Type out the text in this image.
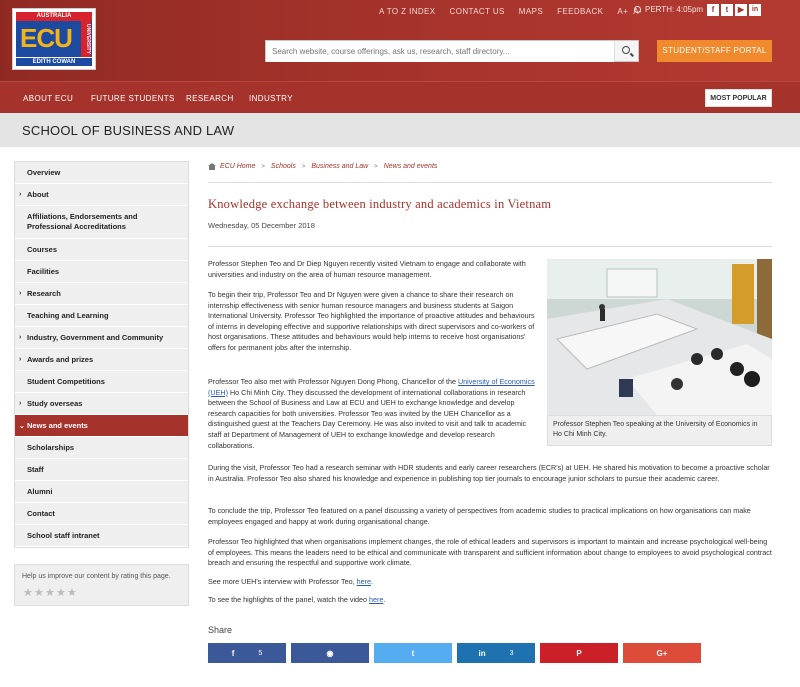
AUSTRALIA
ECU	UNIVERSITY
EDITH COWAN
A TO Z INDEX CONTACT US MAPS FEEDBACK A+ A- PERTH: 4:05pm	f	t	▶	in
Search website, course offerings, ask us, research, staff directory...
STUDENT/STAFF PORTAL
ABOUT ECU FUTURE STUDENTS RESEARCH INDUSTRY	MOST POPULAR
SCHOOL OF BUSINESS AND LAW
Overview
› About
Affiliations, Endorsements and Professional Accreditations
Courses
Facilities
› Research
Teaching and Learning
› Industry, Government and Community
› Awards and prizes
Student Competitions
› Study overseas
⌄ News and events
Scholarships
Staff
Alumni
Contact
School staff intranet
Help us improve our content by rating this page.
★ ★ ★ ★ ★
ECU Home > Schools > Business and Law > News and events
Knowledge exchange between industry and academics in Vietnam
Wednesday, 05 December 2018
Professor Stephen Teo and Dr Diep Nguyen recently visited Vietnam to engage and collaborate with universities and industry on the area of human resource management.
To begin their trip, Professor Teo and Dr Nguyen were given a chance to share their research on internship effectiveness with senior human resource managers and business students at Saigon International University. Professor Teo highlighted the importance of proactive attitudes and behaviours of interns in developing effective and supportive relationships with direct supervisors and co-workers of host organisations. These attitudes and behaviours would help interns to receive host organisations' offers for permanent jobs after the internship.
Professor Teo also met with Professor Nguyen Dong Phong, Chancellor of the University of Economics (UEH) Ho Chi Minh City. They discussed the development of international collaborations in research between the School of Business and Law at ECU and UEH to exchange knowledge and develop research capacities for both universities. Professor Teo was invited by the UEH Chancellor as a distinguished guest at the Teachers Day Ceremony. He was also invited to visit and talk to academic staff at Department of Management of UEH to exchange knowledge and develop research collaborations.
Professor Stephen Teo speaking at the University of Economics in Ho Chi Minh City.
During the visit, Professor Teo had a research seminar with HDR students and early career researchers (ECR's) at UEH. He shared his motivation to become a proactive scholar in Australia. Professor Teo also shared his knowledge and experience in publishing top tier journals to encourage junior scholars to pursue their academic career.
To conclude the trip, Professor Teo featured on a panel discussing a variety of perspectives from academic studies to practical implications on how organisations can make employees engaged and happy at work during organisational change.
Professor Teo highlighted that when organisations implement changes, the role of ethical leaders and supervisors is important to maintain and increase psychological well-being of employees. This means the leaders need to be ethical and communicate with transparent and sufficient information about change to employees to avoid psychological contract breach and ensuring the respectful and supportive work climate.
See more UEH's interview with Professor Teo, here.
To see the highlights of the panel, watch the video here.
Share
f	5	◉	t	in	3	P	G+
